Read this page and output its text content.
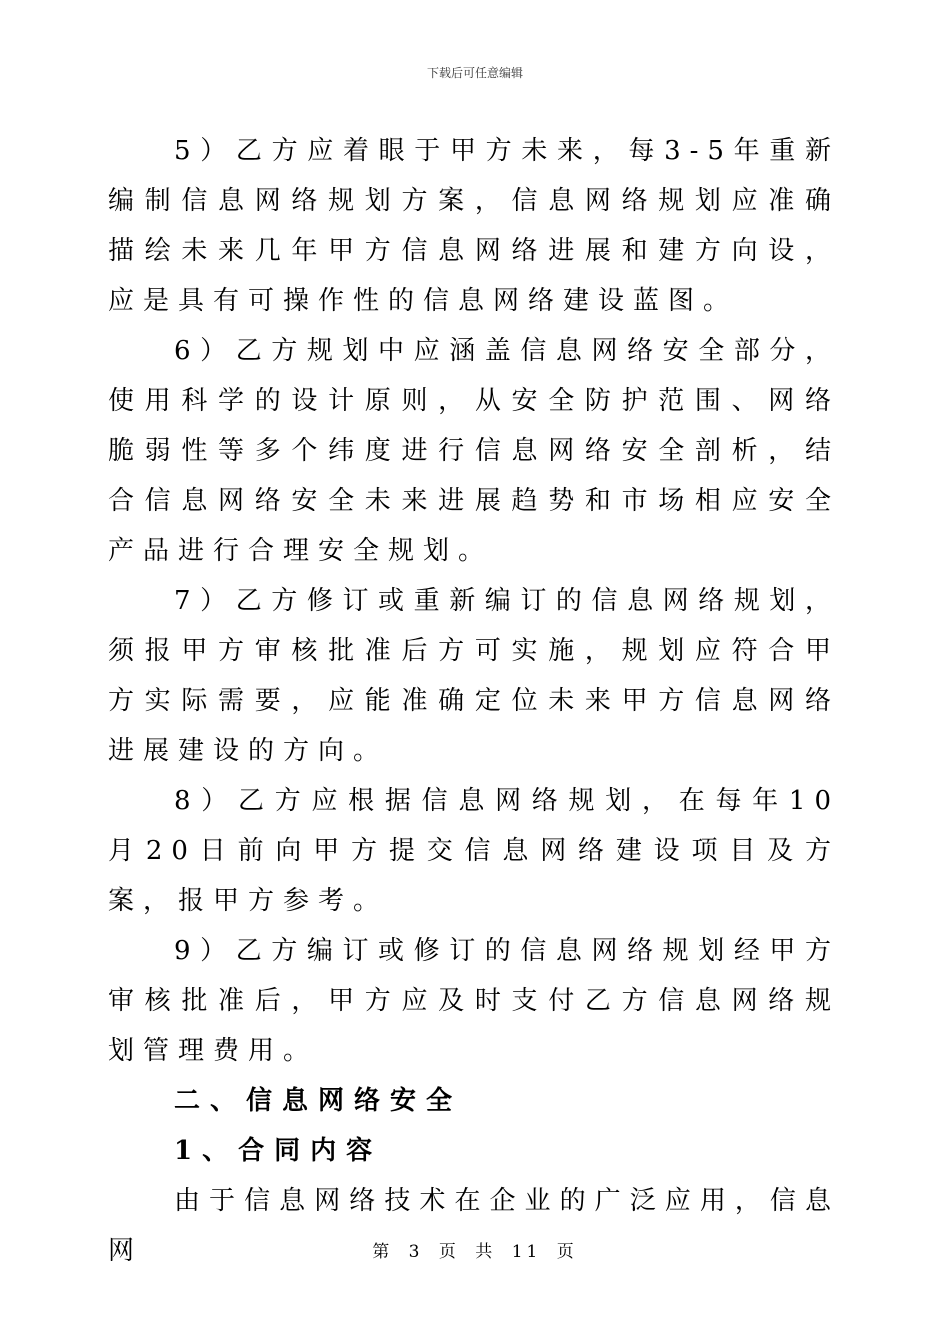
下载后可任意编辑

5）乙方应着眼于甲方未来，每3-5年重新编制信息网络规划方案，信息网络规划应准确描绘未来几年甲方信息网络进展和建方向设，应是具有可操作性的信息网络建设蓝图。

6）乙方规划中应涵盖信息网络安全部分，使用科学的设计原则，从安全防护范围、网络脆弱性等多个纬度进行信息网络安全剖析，结合信息网络安全未来进展趋势和市场相应安全产品进行合理安全规划。

7）乙方修订或重新编订的信息网络规划，须报甲方审核批准后方可实施，规划应符合甲方实际需要，应能准确定位未来甲方信息网络进展建设的方向。

8）乙方应根据信息网络规划，在每年10月20日前向甲方提交信息网络建设项目及方案，报甲方参考。

9）乙方编订或修订的信息网络规划经甲方审核批准后，甲方应及时支付乙方信息网络规划管理费用。

二、信息网络安全
1、合同内容

由于信息网络技术在企业的广泛应用，信息网	第 3 页 共 11 页
